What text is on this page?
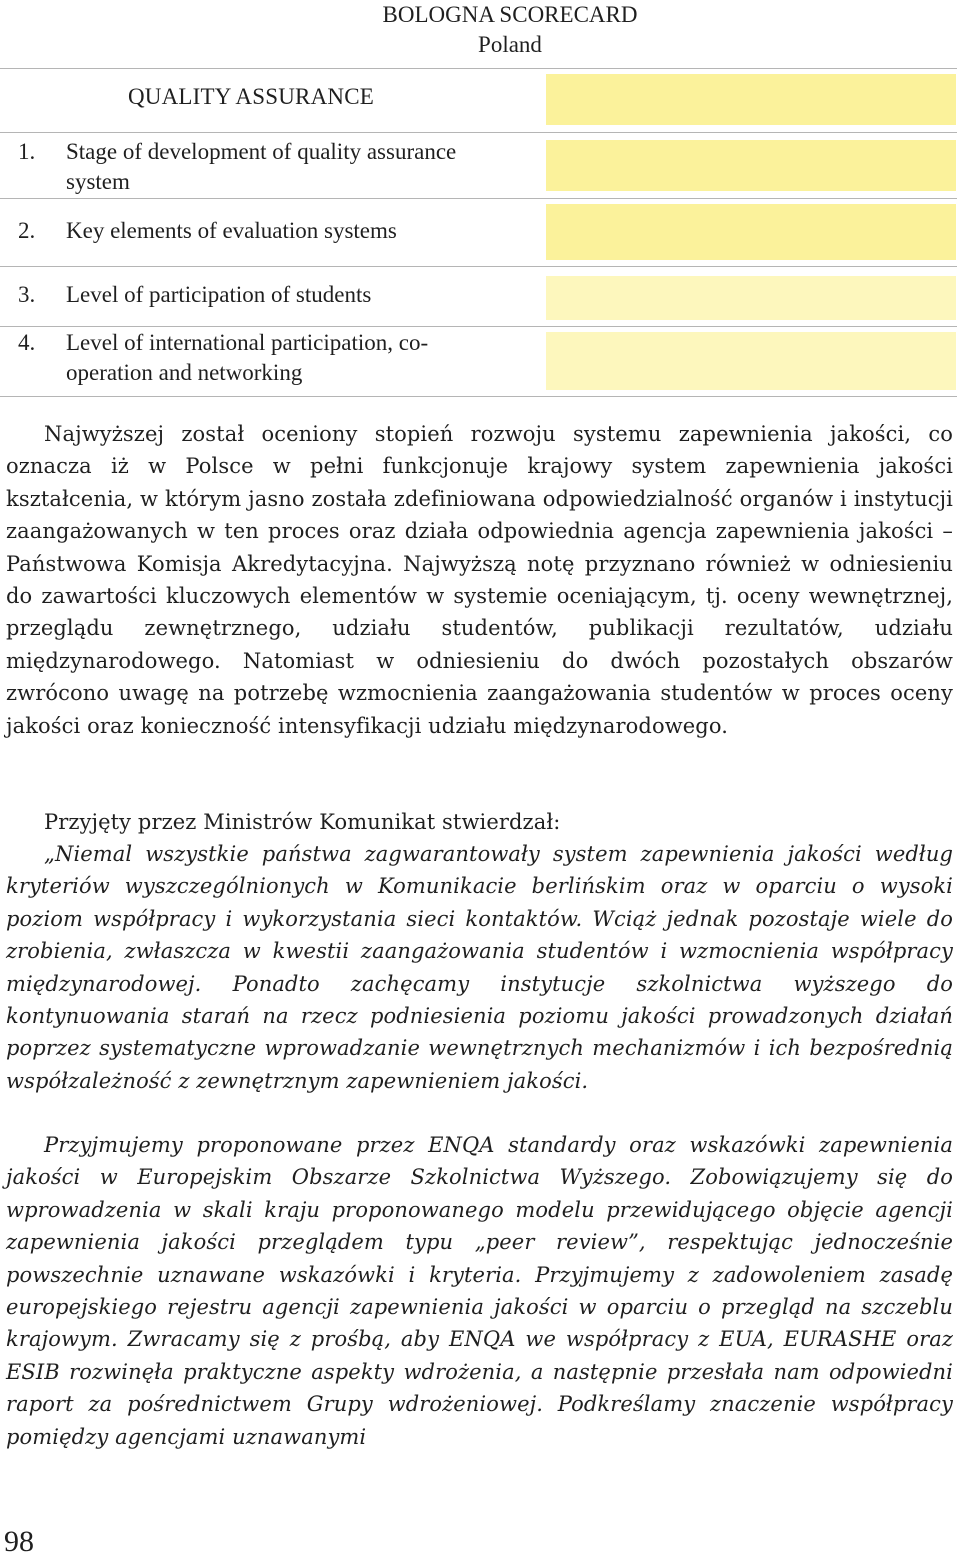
BOLOGNA SCORECARD
Poland
QUALITY ASSURANCE
1.	Stage of development of quality assurance system
2.	Key elements of evaluation systems
3.	Level of participation of students
4.	Level of international participation, co-operation and networking

Najwyższej został oceniony stopień rozwoju systemu zapewnienia jakości, co oznacza iż w Polsce w pełni funkcjonuje krajowy system zapewnienia jakości kształcenia, w którym jasno została zdefiniowana odpowiedzialność organów i instytucji zaangażowanych w ten proces oraz działa odpowiednia agencja zapewnienia jakości – Państwowa Komisja Akredytacyjna. Najwyższą notę przyznano również w odniesieniu do zawartości kluczowych elementów w systemie oceniającym, tj. oceny wewnętrznej, przeglądu zewnętrznego, udziału studentów, publikacji rezultatów, udziału międzynarodowego. Natomiast w odniesieniu do dwóch pozostałych obszarów zwrócono uwagę na potrzebę wzmocnienia zaangażowania studentów w proces oceny jakości oraz konieczność intensyfikacji udziału międzynarodowego.

Przyjęty przez Ministrów Komunikat stwierdzał:

„Niemal wszystkie państwa zagwarantowały system zapewnienia jakości według kryteriów wyszczególnionych w Komunikacie berlińskim oraz w oparciu o wysoki poziom współpracy i wykorzystania sieci kontaktów. Wciąż jednak pozostaje wiele do zrobienia, zwłaszcza w kwestii zaangażowania studentów i wzmocnienia współpracy międzynarodowej. Ponadto zachęcamy instytucje szkolnictwa wyższego do kontynuowania starań na rzecz podniesienia poziomu jakości prowadzonych działań poprzez systematyczne wprowadzanie wewnętrznych mechanizmów i ich bezpośrednią współzależność z zewnętrznym zapewnieniem jakości.

Przyjmujemy proponowane przez ENQA standardy oraz wskazówki zapewnienia jakości w Europejskim Obszarze Szkolnictwa Wyższego. Zobowiązujemy się do wprowadzenia w skali kraju proponowanego modelu przewidującego objęcie agencji zapewnienia jakości przeglądem typu „peer review”, respektując jednocześnie powszechnie uznawane wskazówki i kryteria. Przyjmujemy z zadowoleniem zasadę europejskiego rejestru agencji zapewnienia jakości w oparciu o przegląd na szczeblu krajowym. Zwracamy się z prośbą, aby ENQA we współpracy z EUA, EURASHE oraz ESIB rozwinęła praktyczne aspekty wdrożenia, a następnie przesłała nam odpowiedni raport za pośrednictwem Grupy wdrożeniowej. Podkreślamy znaczenie współpracy pomiędzy agencjami uznawanymi

98
